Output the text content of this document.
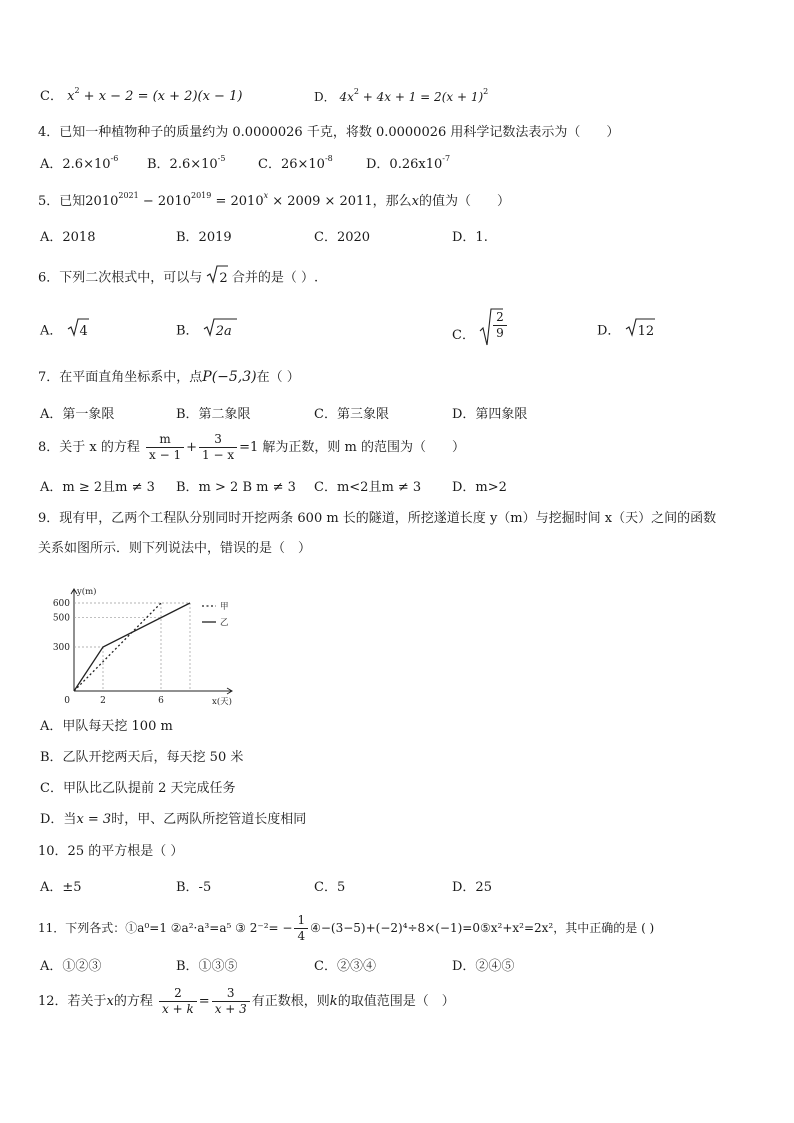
C． $x^2 + x - 2 = (x + 2)(x - 1)$	D． $4x^2 + 4x + 1 = 2(x + 1)^2$
4．已知一种植物种子的质量约为 0.0000026 千克，将数 0.0000026 用科学记数法表示为（　　）
A．$2.6\times 10^{-6}$ B．$2.6\times 10^{-5}$	C．$26\times 10^{-8}$	D．$0.26x10^{-7}$
5．已知$2010^{2021} - 2010^{2019} = 2010^x \times 2009 \times 2011$，那么x的值为（　　）
A．2018	B．2019	C．2020	D．1.
6．下列二次根式中，可以与 2 合并的是（ ）.
A． 4	B． 2a	C． $\frac{2}{9}$	D． 12
7．在平面直角坐标系中，点P(−5,3)在（ ）
A．第一象限	B．第二象限	C．第三象限	D．第四象限
8．关于 x 的方程 $\frac{m}{x - 1} + \frac{3}{1 - x} =1$ 解为正数，则 m 的范围为（　　）
A．m ≥ 2且m ≠ 3 B．m > 2 B m ≠ 3 C．m<2且m ≠ 3 D．m>2
9．现有甲，乙两个工程队分别同时开挖两条 600 m 长的隧道，所挖遂道长度 y（m）与挖掘时间 x（天）之间的函数
关系如图所示．则下列说法中，错误的是（　）
300
500
600
0	2	6
y(m)
x(天)
甲
乙
A．甲队每天挖 100 m
B．乙队开挖两天后，每天挖 50 米
C．甲队比乙队提前 2 天完成任务
D．当x = 3时，甲、乙两队所挖管道长度相同
10．25 的平方根是（ ）
A．±5	B．-5	C．5	D．25
11．下列各式：①a⁰=1 ②a²·a³=a⁵ ③ $2^{-2}= - \frac{1}{4}$ ④−(3−5)+(−2)⁴÷8×(−1)=0⑤x²+x²=2x²，其中正确的是 ( )
A．①②③	B．①③⑤	C．②③④	D．②④⑤
12．若关于x的方程 $\frac{2}{x + k} = \frac{3}{x + 3}$ 有正数根，则k的取值范围是（　）
